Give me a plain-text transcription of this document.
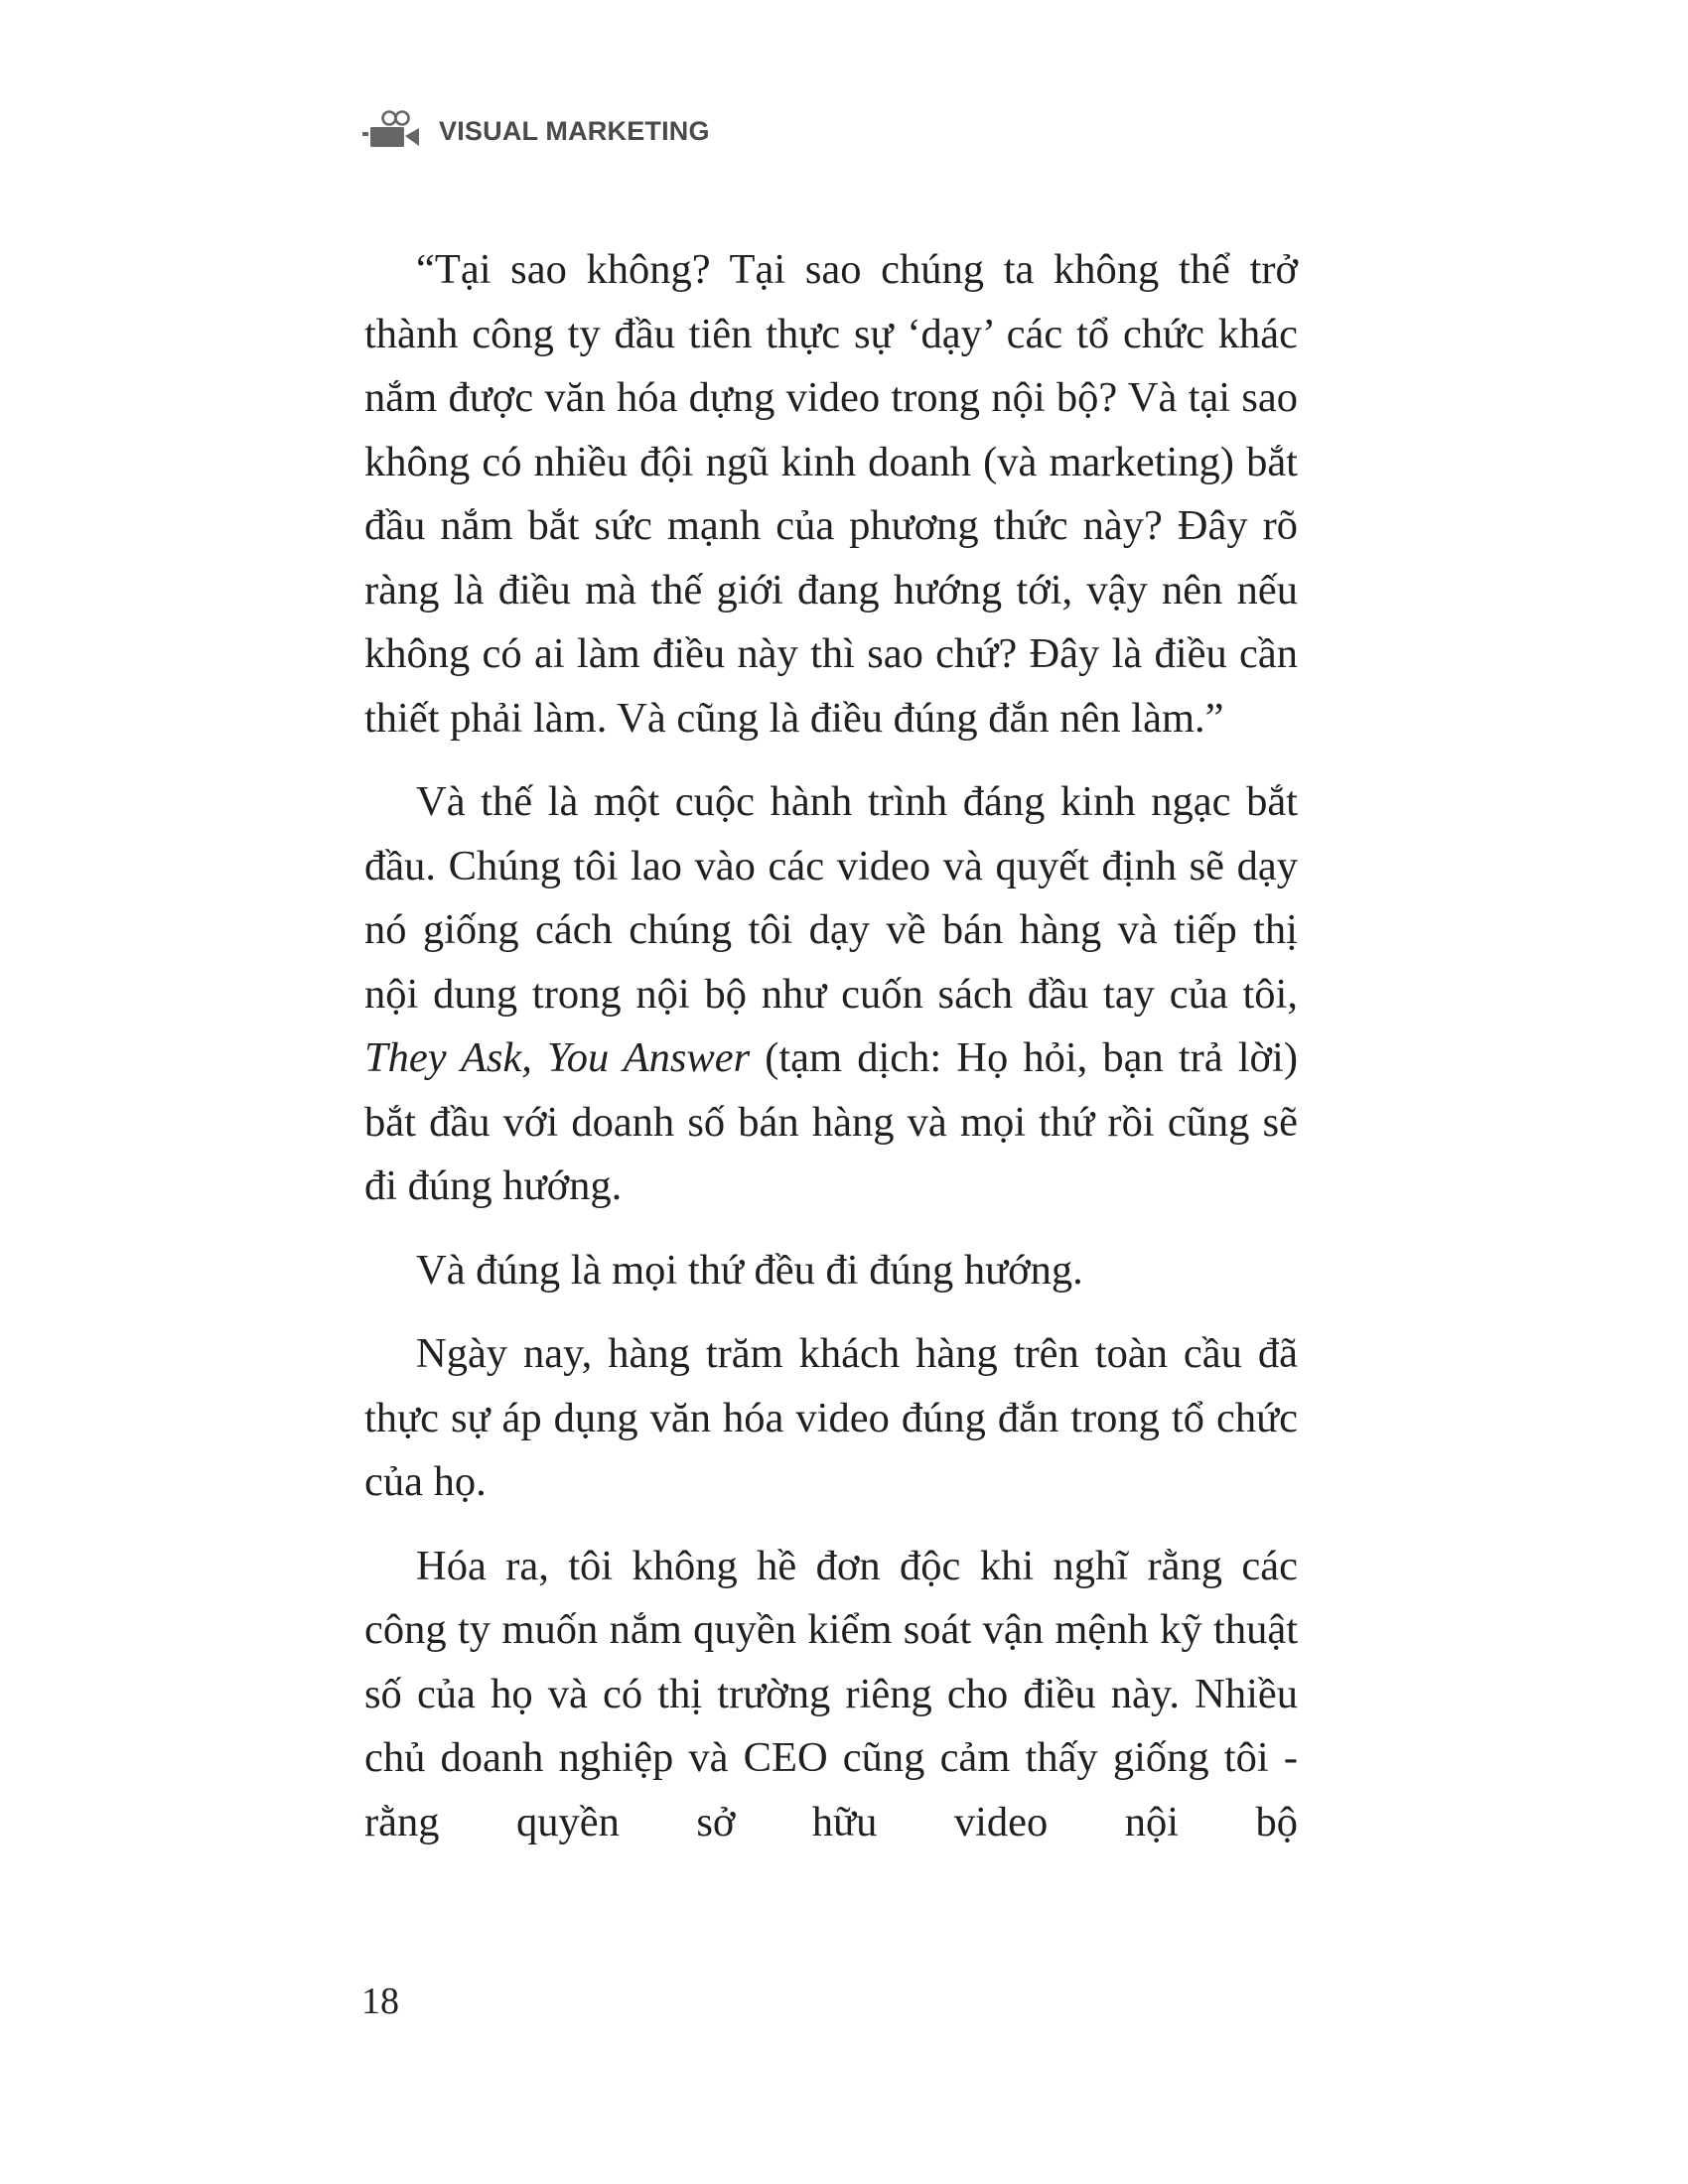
VISUAL MARKETING

“Tại sao không? Tại sao chúng ta không thể trở thành công ty đầu tiên thực sự ‘dạy’ các tổ chức khác nắm được văn hóa dựng video trong nội bộ? Và tại sao không có nhiều đội ngũ kinh doanh (và marketing) bắt đầu nắm bắt sức mạnh của phương thức này? Đây rõ ràng là điều mà thế giới đang hướng tới, vậy nên nếu không có ai làm điều này thì sao chứ? Đây là điều cần thiết phải làm. Và cũng là điều đúng đắn nên làm.”

Và thế là một cuộc hành trình đáng kinh ngạc bắt đầu. Chúng tôi lao vào các video và quyết định sẽ dạy nó giống cách chúng tôi dạy về bán hàng và tiếp thị nội dung trong nội bộ như cuốn sách đầu tay của tôi, They Ask, You Answer (tạm dịch: Họ hỏi, bạn trả lời) bắt đầu với doanh số bán hàng và mọi thứ rồi cũng sẽ đi đúng hướng.

Và đúng là mọi thứ đều đi đúng hướng.

Ngày nay, hàng trăm khách hàng trên toàn cầu đã thực sự áp dụng văn hóa video đúng đắn trong tổ chức của họ.

Hóa ra, tôi không hề đơn độc khi nghĩ rằng các công ty muốn nắm quyền kiểm soát vận mệnh kỹ thuật số của họ và có thị trường riêng cho điều này. Nhiều chủ doanh nghiệp và CEO cũng cảm thấy giống tôi - rằng quyền sở hữu video nội bộ

18
